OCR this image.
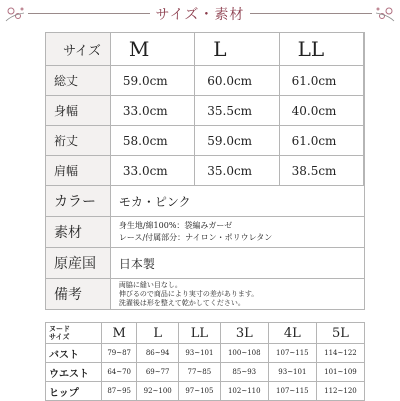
サイズ・素材
サイズ	M	L	LL	
総丈	59.0cm	60.0cm	61.0cm	
身幅	33.0cm	35.5cm	40.0cm	
裄丈	58.0cm	59.0cm	61.0cm	
肩幅	33.0cm	35.0cm	38.5cm	
カラー	モカ・ピンク			
素材	身生地/綿100%：袋編みガーゼ
レース/付属部分：ナイロン・ポリウレタン			

原産国	日本製			
備考	両脇に縫い目なし。
伸びるので商品により実寸の差があります。
洗濯後は形を整えて乾かしてください。			
ヌード
サイズ	M	L	LL	3L	4L	5L
バスト	79~87	86~94	93~101	100~108	107~115	114~122
ウエスト	64~70	69~77	77~85	85~93	93~101	101~109
ヒップ	87~95	92~100	97~105	102~110	107~115	112~120
